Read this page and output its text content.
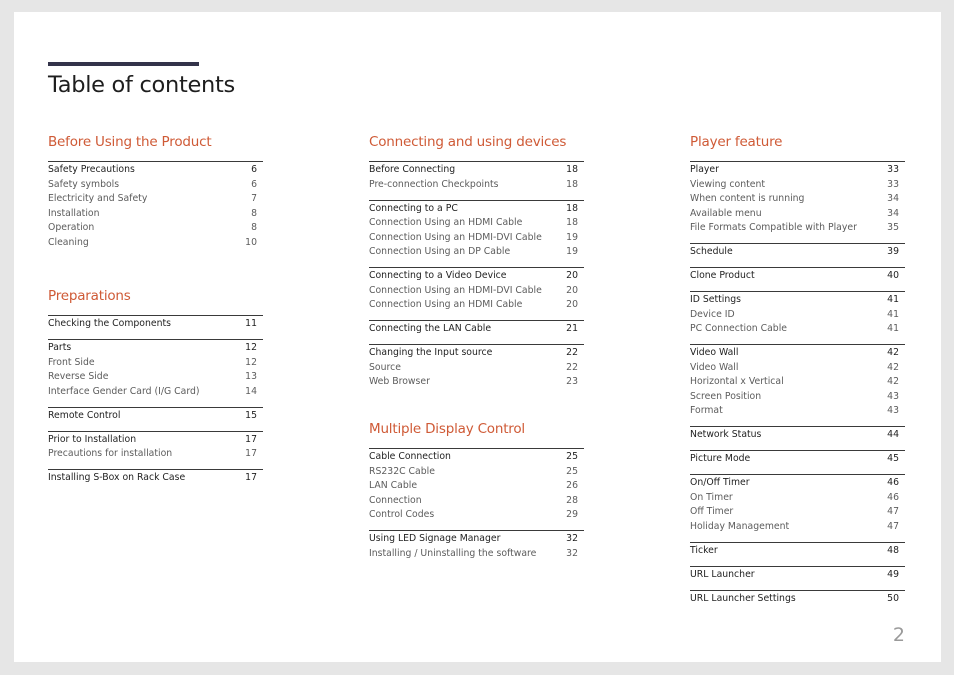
Table of contents
Before Using the Product
Safety Precautions	6
Safety symbols	6
Electricity and Safety	7
Installation	8
Operation	8
Cleaning	10
Preparations
Checking the Components	11
Parts	12
Front Side	12
Reverse Side	13
Interface Gender Card (I/G Card)	14
Remote Control	15
Prior to Installation	17
Precautions for installation	17
Installing S-Box on Rack Case	17
Connecting and using devices
Before Connecting	18
Pre-connection Checkpoints	18
Connecting to a PC	18
Connection Using an HDMI Cable	18
Connection Using an HDMI-DVI Cable	19
Connection Using an DP Cable	19
Connecting to a Video Device	20
Connection Using an HDMI-DVI Cable	20
Connection Using an HDMI Cable	20
Connecting the LAN Cable	21
Changing the Input source	22
Source	22
Web Browser	23
Multiple Display Control
Cable Connection	25
RS232C Cable	25
LAN Cable	26
Connection	28
Control Codes	29
Using LED Signage Manager	32
Installing / Uninstalling the software	32
Player feature
Player	33
Viewing content	33
When content is running	34
Available menu	34
File Formats Compatible with Player	35
Schedule	39
Clone Product	40
ID Settings	41
Device ID	41
PC Connection Cable	41
Video Wall	42
Video Wall	42
Horizontal x Vertical	42
Screen Position	43
Format	43
Network Status	44
Picture Mode	45
On/Off Timer	46
On Timer	46
Off Timer	47
Holiday Management	47
Ticker	48
URL Launcher	49
URL Launcher Settings	50
2
